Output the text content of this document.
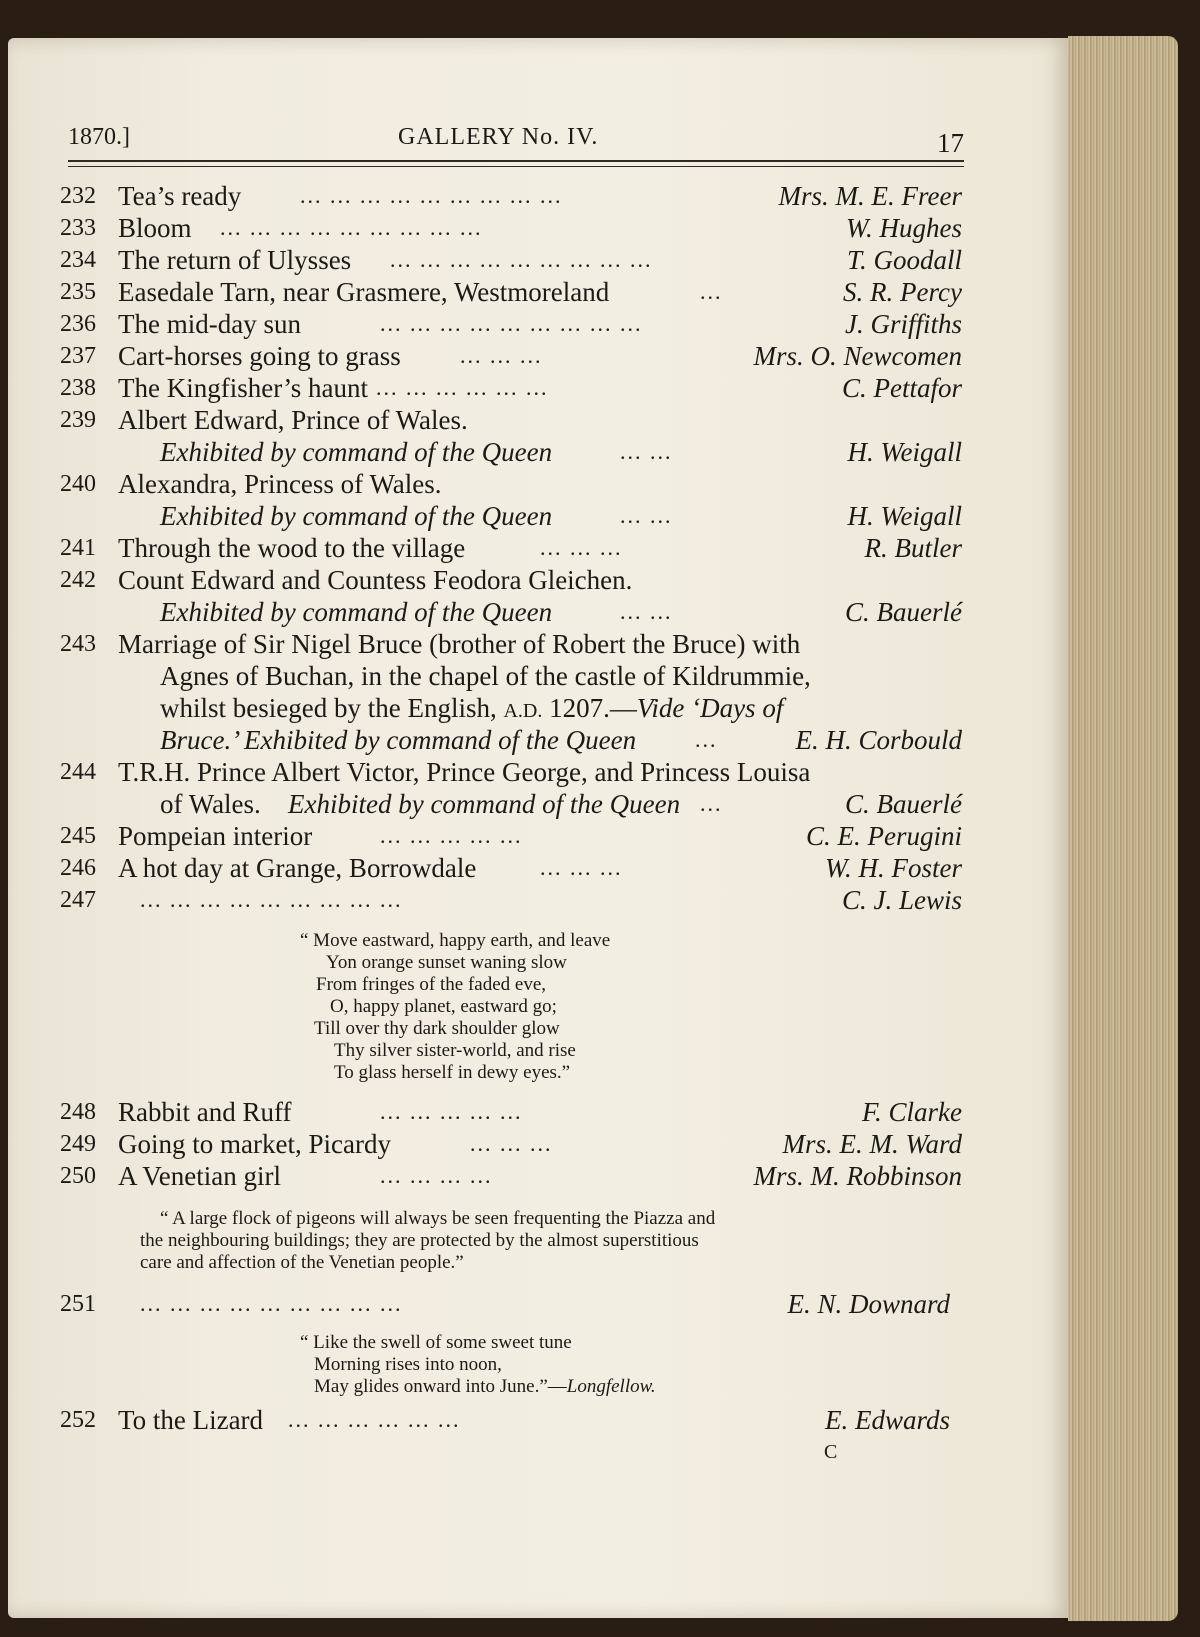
1870.]	GALLERY No. IV.	17
232 Tea’s ready	... ... ... ... ... ... ... ... ...	Mrs. M. E. Freer
233 Bloom ... ... ... ... ... ... ... ... ...	W. Hughes
234 The return of Ulysses ... ... ... ... ... ... ... ... ...	T. Goodall
235 Easedale Tarn, near Grasmere, Westmoreland	...	S. R. Percy
236 The mid-day sun	... ... ... ... ... ... ... ... ...	J. Griffiths
237 Cart-horses going to grass	... ... ...	Mrs. O. Newcomen
238 The Kingfisher’s haunt ... ... ... ... ... ...	C. Pettafor
239 Albert Edward, Prince of Wales.
Exhibited by command of the Queen	... ...	H. Weigall
240 Alexandra, Princess of Wales.
Exhibited by command of the Queen	... ...	H. Weigall
241 Through the wood to the village	... ... ...	R. Butler
242 Count Edward and Countess Feodora Gleichen.
Exhibited by command of the Queen	... ...	C. Bauerlé
243 Marriage of Sir Nigel Bruce (brother of Robert the Bruce) with
Agnes of Buchan, in the chapel of the castle of Kildrummie,
whilst besieged by the English, A.D. 1207.—Vide ‘Days of
Bruce.’ Exhibited by command of the Queen	...	E. H. Corbould
244 T.R.H. Prince Albert Victor, Prince George, and Princess Louisa
of Wales. Exhibited by command of the Queen ...	C. Bauerlé
245 Pompeian interior	... ... ... ... ...	C. E. Perugini
246 A hot day at Grange, Borrowdale	... ... ...	W. H. Foster
247	... ... ... ... ... ... ... ... ...	C. J. Lewis
“ Move eastward, happy earth, and leave
Yon orange sunset waning slow
From fringes of the faded eve,
O, happy planet, eastward go;
Till over thy dark shoulder glow
Thy silver sister-world, and rise
To glass herself in dewy eyes.”
248 Rabbit and Ruff	... ... ... ... ...	F. Clarke
249 Going to market, Picardy	... ... ...	Mrs. E. M. Ward
250 A Venetian girl	... ... ... ...	Mrs. M. Robbinson
“ A large flock of pigeons will always be seen frequenting the Piazza and
the neighbouring buildings; they are protected by the almost superstitious
care and affection of the Venetian people.”
251	... ... ... ... ... ... ... ... ...	E. N. Downard
“ Like the swell of some sweet tune
Morning rises into noon,
May glides onward into June.”—Longfellow.
252 To the Lizard ... ... ... ... ... ...	E. Edwards
C
